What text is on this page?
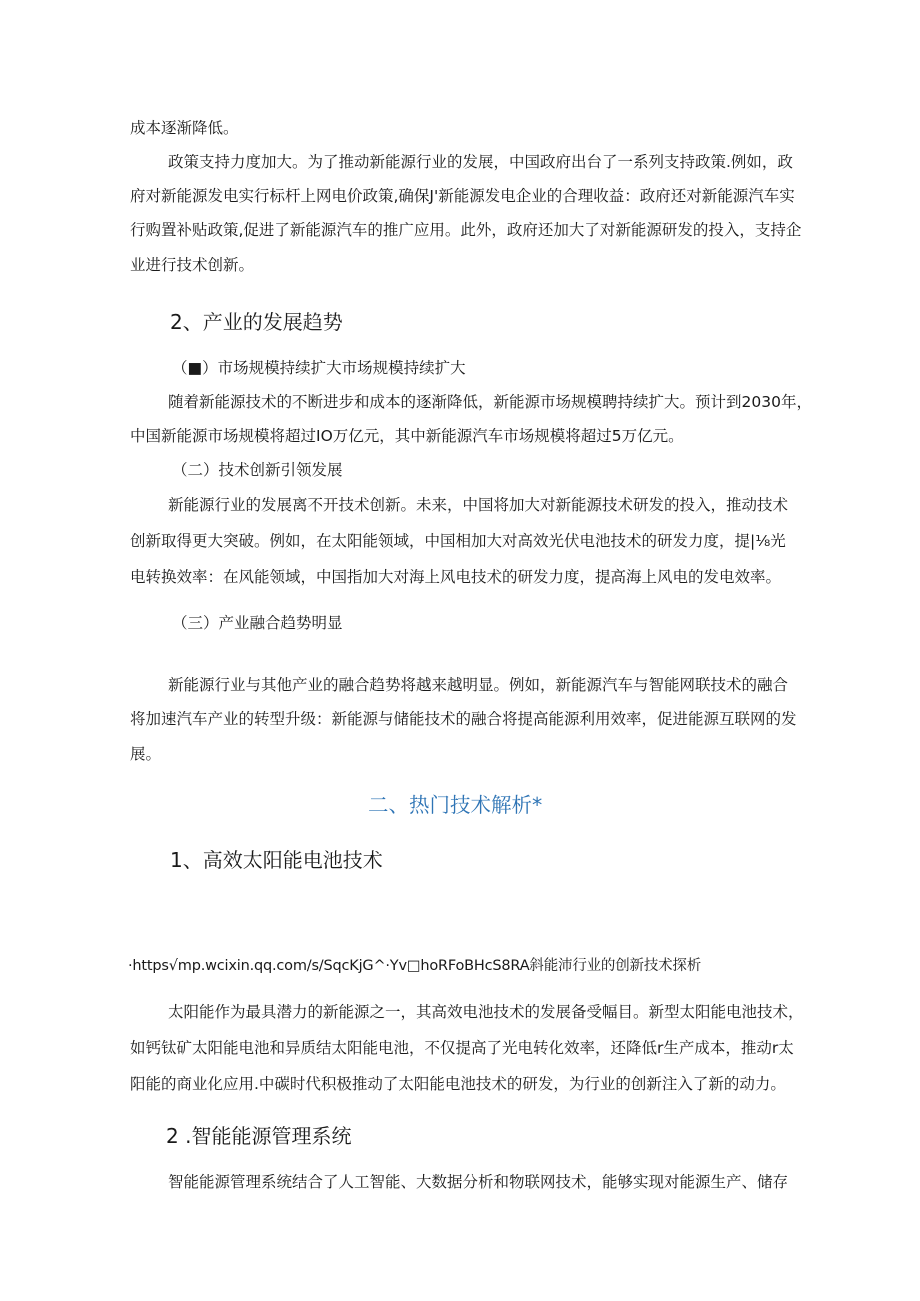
成本逐渐降低。
政策支持力度加大。为了推动新能源行业的发展，中国政府出台了一系列支持政策.例如，政
府对新能源发电实行标杆上网电价政策,确保J'新能源发电企业的合理收益：政府还对新能源汽车实
行购置补贴政策,促进了新能源汽车的推广应用。此外，政府还加大了对新能源研发的投入，支持企
业进行技术创新。
2、产业的发展趋势
（■）市场规模持续扩大市场规模持续扩大
随着新能源技术的不断进步和成本的逐渐降低，新能源市场规模聘持续扩大。预计到2030年，
中国新能源市场规模将超过IO万亿元，其中新能源汽车市场规模将超过5万亿元。
（二）技术创新引领发展
新能源行业的发展离不开技术创新。未来，中国将加大对新能源技术研发的投入，推动技术
创新取得更大突破。例如，在太阳能领域，中国相加大对高效光伏电池技术的研发力度，提|⅛光
电转换效率：在风能领域，中国指加大对海上风电技术的研发力度，提高海上风电的发电效率。
（三）产业融合趋势明显
新能源行业与其他产业的融合趋势将越来越明显。例如，新能源汽车与智能网联技术的融合
将加速汽车产业的转型升级：新能源与储能技术的融合将提高能源利用效率，促进能源互联网的发
展。
二、热门技术解析*
1、高效太阳能电池技术
·https√mp.wcixin.qq.com/s/SqcKjG^·Yv□hoRFoBHcS8RA斜能沛行业的创新技术探析
太阳能作为最具潜力的新能源之一，其高效电池技术的发展备受幅目。新型太阳能电池技术，
如钙钛矿太阳能电池和异质结太阳能电池，不仅提高了光电转化效率，还降低r生产成本，推动r太
阳能的商业化应用.中碳时代积极推动了太阳能电池技术的研发，为行业的创新注入了新的动力。
2 .智能能源管理系统
智能能源管理系统结合了人工智能、大数据分析和物联网技术，能够实现对能源生产、储存
